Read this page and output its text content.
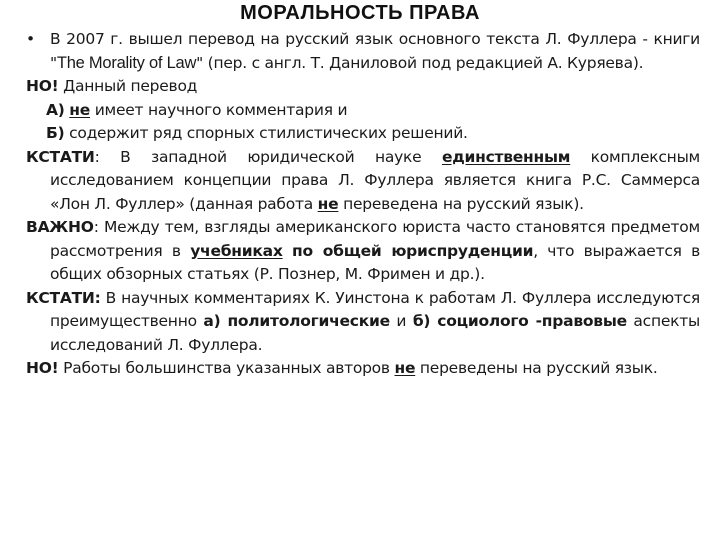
МОРАЛЬНОСТЬ ПРАВА

• В 2007 г. вышел перевод на русский язык основного текста Л. Фуллера - книги "The Morality of Law" (пер. с англ. Т. Даниловой под редакцией А. Куряева).

НО! Данный перевод

А) не имеет научного комментария и

Б) содержит ряд спорных стилистических решений.

КСТАТИ: В западной юридической науке единственным комплексным исследованием концепции права Л. Фуллера является книга Р.С. Саммерса «Лон Л. Фуллер» (данная работа не переведена на русский язык).

ВАЖНО: Между тем, взгляды американского юриста часто становятся предметом рассмотрения в учебниках по общей юриспруденции, что выражается в общих обзорных статьях (Р. Познер, М. Фримен и др.).

КСТАТИ: В научных комментариях К. Уинстона к работам Л. Фуллера исследуются преимущественно а) политологические и б) социолого -правовые аспекты исследований Л. Фуллера.

НО! Работы большинства указанных авторов не переведены на русский язык.
